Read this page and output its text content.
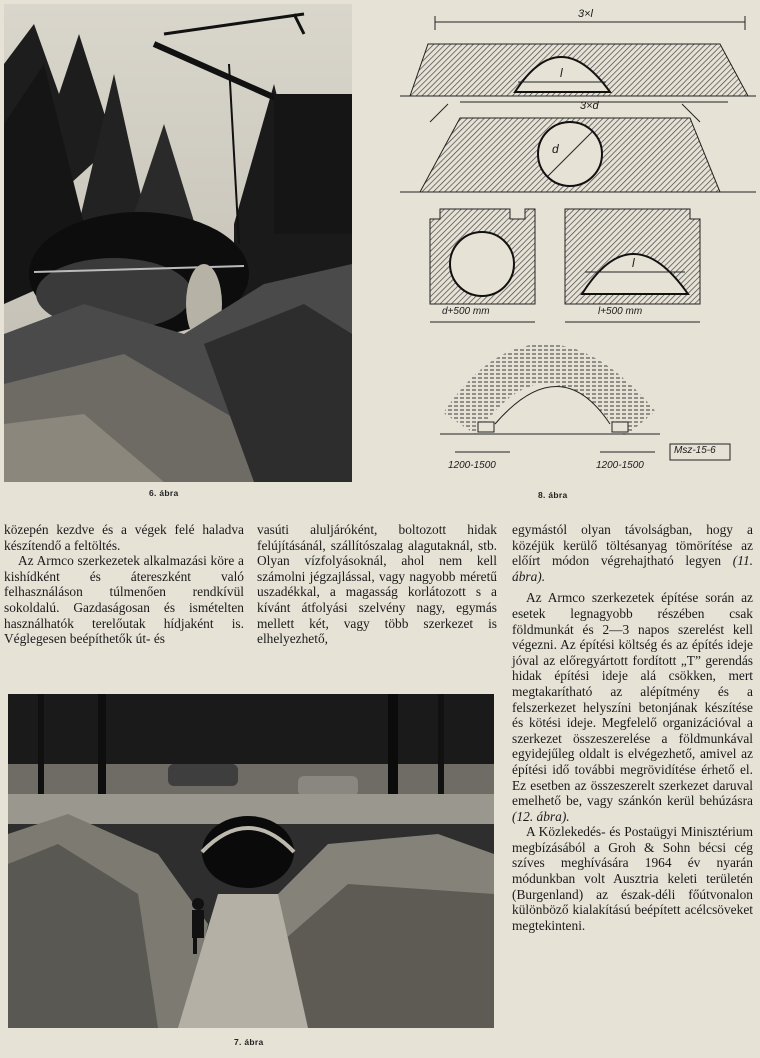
6. ábra
3×l
l
3×d
d
l
d+500 mm	l+500 mm
1200-1500	1200-1500
Msz-15-6
8. ábra

közepén kezdve és a végek felé haladva készítendő a feltöltés.

Az Armco szerkezetek alkalmazási köre a kishídként és átereszként való felhasználáson túlmenően rendkívül sokoldalú. Gazdaságosan és ismételten használhatók terelőutak hídjaként is. Véglegesen beépíthetők út- és

vasúti aluljáróként, boltozott hidak felújításánál, szállítószalag alagutaknál, stb. Olyan vízfolyásoknál, ahol nem kell számolni jégzajlással, vagy nagyobb méretű uszadékkal, a magasság korlátozott s a kívánt átfolyási szelvény nagy, egymás mellett két, vagy több szerkezet is elhelyezhető,

7. ábra

egymástól olyan távolságban, hogy a közéjük kerülő töltésanyag tömörítése az előírt módon végrehajtható legyen (11. ábra).

Az Armco szerkezetek építése során az esetek legnagyobb részében csak földmunkát és 2—3 napos szerelést kell végezni. Az építési költség és az építés ideje jóval az előregyártott fordított „T” gerendás hidak építési ideje alá csökken, mert megtakarítható az alépítmény és a felszerkezet helyszíni betonjának készítése és kötési ideje. Megfelelő organizációval a szerkezet összeszerelése a földmunkával egyidejűleg oldalt is elvégezhető, amivel az építési idő további megrövidítése érhető el. Ez esetben az összeszerelt szerkezet daruval emelhető be, vagy szánkón kerül behúzásra (12. ábra).

A Közlekedés- és Postaügyi Minisztérium megbízásából a Groh & Sohn bécsi cég szíves meghívására 1964 év nyarán módunkban volt Ausztria keleti területén (Burgenland) az észak-déli főútvonalon különböző kialakítású beépített acélcsöveket megtekinteni.
